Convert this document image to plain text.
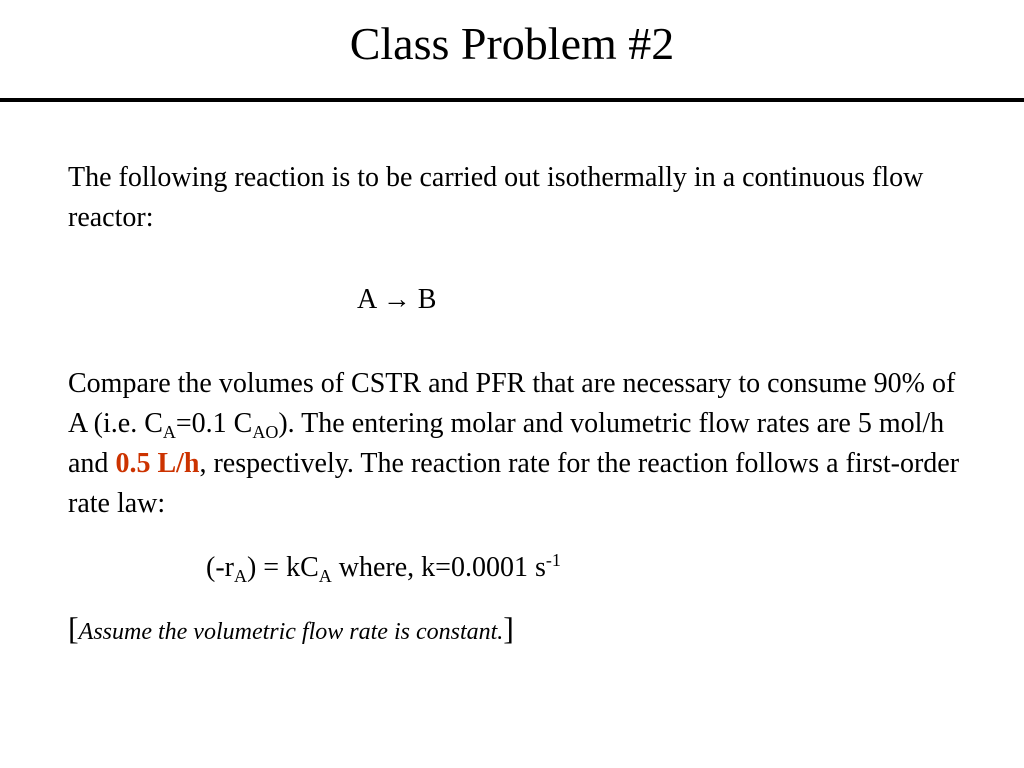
Class Problem #2
The following reaction is to be carried out isothermally in a continuous flow reactor:
A → B
Compare the volumes of CSTR and PFR that are necessary to consume 90% of A (i.e. $C_A=0.1$ $C_{AO}$). The entering molar and volumetric flow rates are 5 mol/h and 0.5 L/h, respectively. The reaction rate for the reaction follows a first-order rate law:
$(-r_A) = kC_A$ where, k=0.0001 $s^{-1}$
[Assume the volumetric flow rate is constant.]
